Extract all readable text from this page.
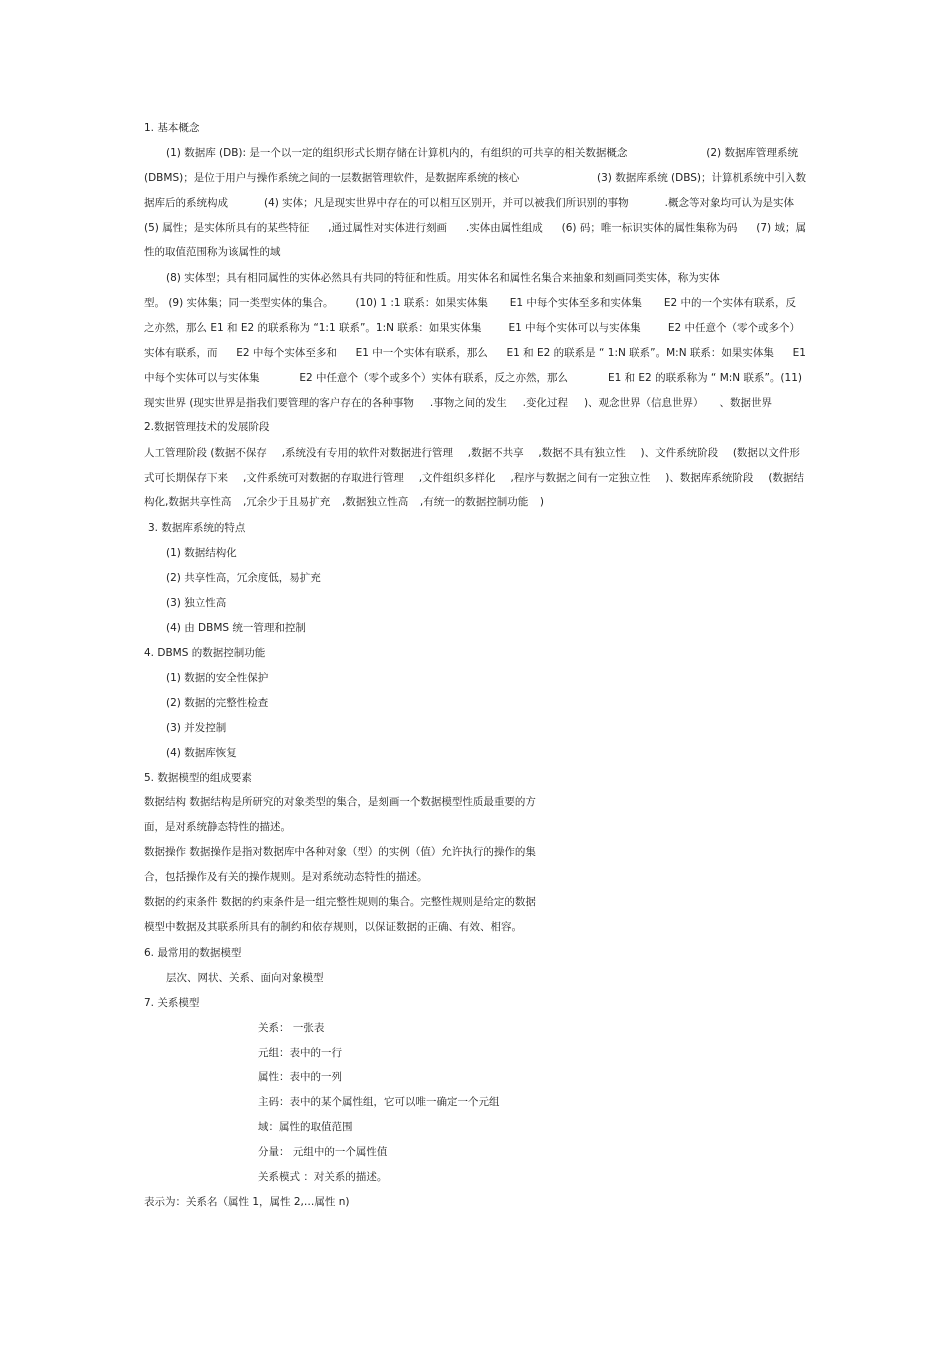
1. 基本概念
(1) 数据库 (DB): 是一个以一定的组织形式长期存储在计算机内的，有组织的可共享的相关数据概念	(2) 数据库管理系统
(DBMS)；是位于用户与操作系统之间的一层数据管理软件，是数据库系统的核心	(3) 数据库系统 (DBS)；计算机系统中引入数
据库后的系统构成	(4) 实体；凡是现实世界中存在的可以相互区别开，并可以被我们所识别的事物	.概念等对象均可认为是实体
(5) 属性；是实体所具有的某些特征 ,通过属性对实体进行刻画 .实体由属性组成 (6) 码；唯一标识实体的属性集称为码 (7) 域；属
性的取值范围称为该属性的域
(8) 实体型；具有相同属性的实体必然具有共同的特征和性质。用实体名和属性名集合来抽象和刻画同类实体，称为实体
型。 (9) 实体集；同一类型实体的集合。 (10) 1 :1 联系：如果实体集 E1 中每个实体至多和实体集 E2 中的一个实体有联系，反
之亦然，那么 E1 和 E2 的联系称为 “1:1 联系”。1:N 联系：如果实体集	E1 中每个实体可以与实体集	E2 中任意个（零个或多个）
实体有联系，而 E2 中每个实体至多和 E1 中一个实体有联系，那么 E1 和 E2 的联系是 “ 1:N 联系”。M:N 联系：如果实体集 E1
中每个实体可以与实体集	E2 中任意个（零个或多个）实体有联系，反之亦然，那么	E1 和 E2 的联系称为 “ M:N 联系”。(11)
现实世界 (现实世界是指我们要管理的客户存在的各种事物 .事物之间的发生 .变化过程 )、观念世界（信息世界） 、数据世界
2.数据管理技术的发展阶段
人工管理阶段 (数据不保存 ,系统没有专用的软件对数据进行管理 ,数据不共享 ,数据不具有独立性 )、文件系统阶段 (数据以文件形
式可长期保存下来 ,文件系统可对数据的存取进行管理 ,文件组织多样化 ,程序与数据之间有一定独立性 )、数据库系统阶段 (数据结
构化,数据共享性高 ,冗余少于且易扩充 ,数据独立性高 ,有统一的数据控制功能 )
3. 数据库系统的特点
(1) 数据结构化
(2) 共享性高，冗余度低，易扩充
(3) 独立性高
(4) 由 DBMS 统一管理和控制
4. DBMS 的数据控制功能
(1) 数据的安全性保护
(2) 数据的完整性检查
(3) 并发控制
(4) 数据库恢复
5. 数据模型的组成要素
数据结构 数据结构是所研究的对象类型的集合，是刻画一个数据模型性质最重要的方
面，是对系统静态特性的描述。
数据操作 数据操作是指对数据库中各种对象（型）的实例（值）允许执行的操作的集
合，包括操作及有关的操作规则。是对系统动态特性的描述。
数据的约束条件 数据的约束条件是一组完整性规则的集合。完整性规则是给定的数据
模型中数据及其联系所具有的制约和依存规则，以保证数据的正确、有效、相容。
6. 最常用的数据模型
层次、网状、关系、面向对象模型
7. 关系模型
关系： 一张表
元组：表中的一行
属性：表中的一列
主码：表中的某个属性组，它可以唯一确定一个元组
域：属性的取值范围
分量： 元组中的一个属性值
关系模式 ：对关系的描述。
表示为：关系名（属性 1，属性 2,…属性 n)
